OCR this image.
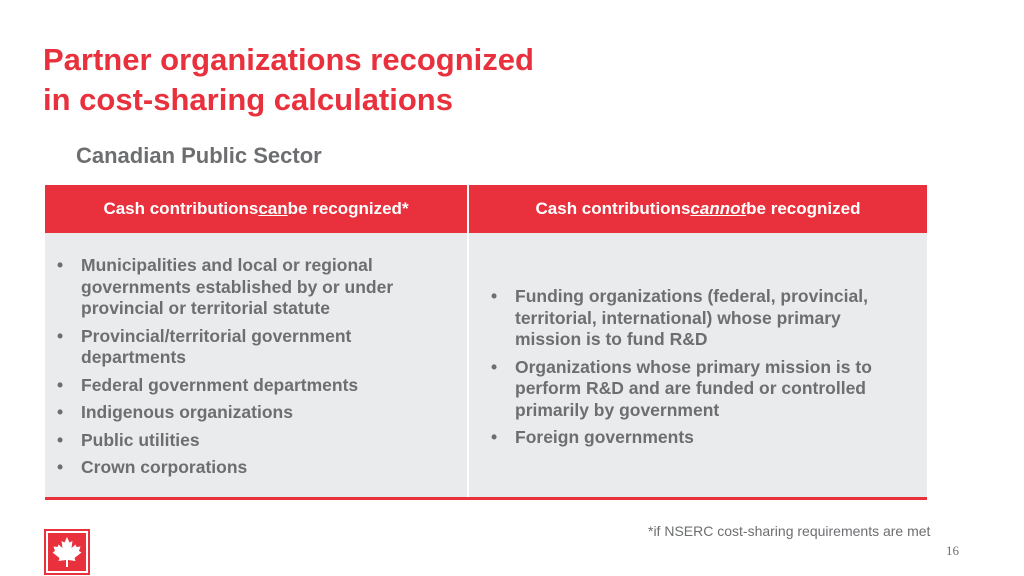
Partner organizations recognized
in cost-sharing calculations

Canadian Public Sector

Cash contributions can be recognized*	Cash contributions cannot be recognized
• Municipalities and local or regional governments established by or under provincial or territorial statute
• Provincial/territorial government departments
• Federal government departments
• Indigenous organizations
• Public utilities
• Crown corporations
• Funding organizations (federal, provincial, territorial, international) whose primary mission is to fund R&D
• Organizations whose primary mission is to perform R&D and are funded or controlled primarily by government
• Foreign governments

*if NSERC cost-sharing requirements are met

16
